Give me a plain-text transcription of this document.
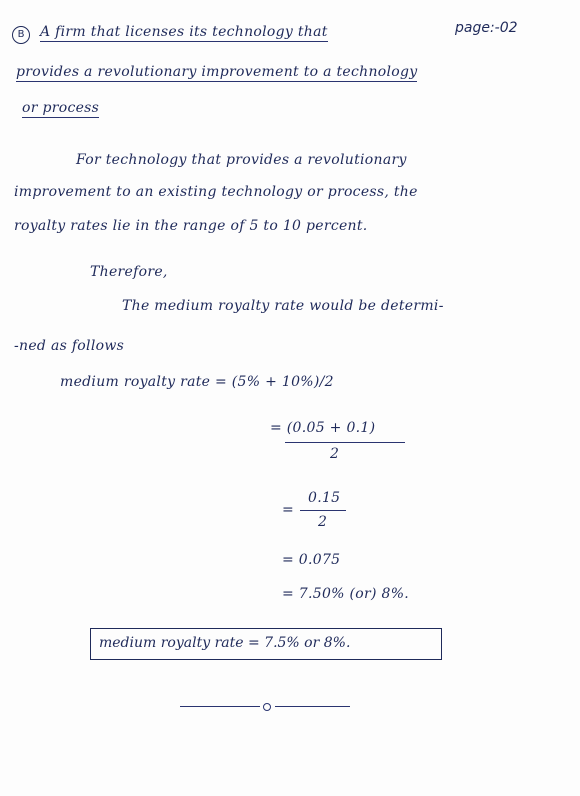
B	A firm that licenses its technology that	page:-02
provides a revolutionary improvement to a technology
or process
For technology that provides a revolutionary
improvement to an existing technology or process, the
royalty rates lie in the range of 5 to 10 percent.
Therefore,
The medium royalty rate would be determi-
-ned as follows
medium royalty rate = (5% + 10%)/2
= (0.05 + 0.1)
2
0.15
=
2
= 0.075
= 7.50% (or) 8%.
medium royalty rate = 7.5% or 8%.
